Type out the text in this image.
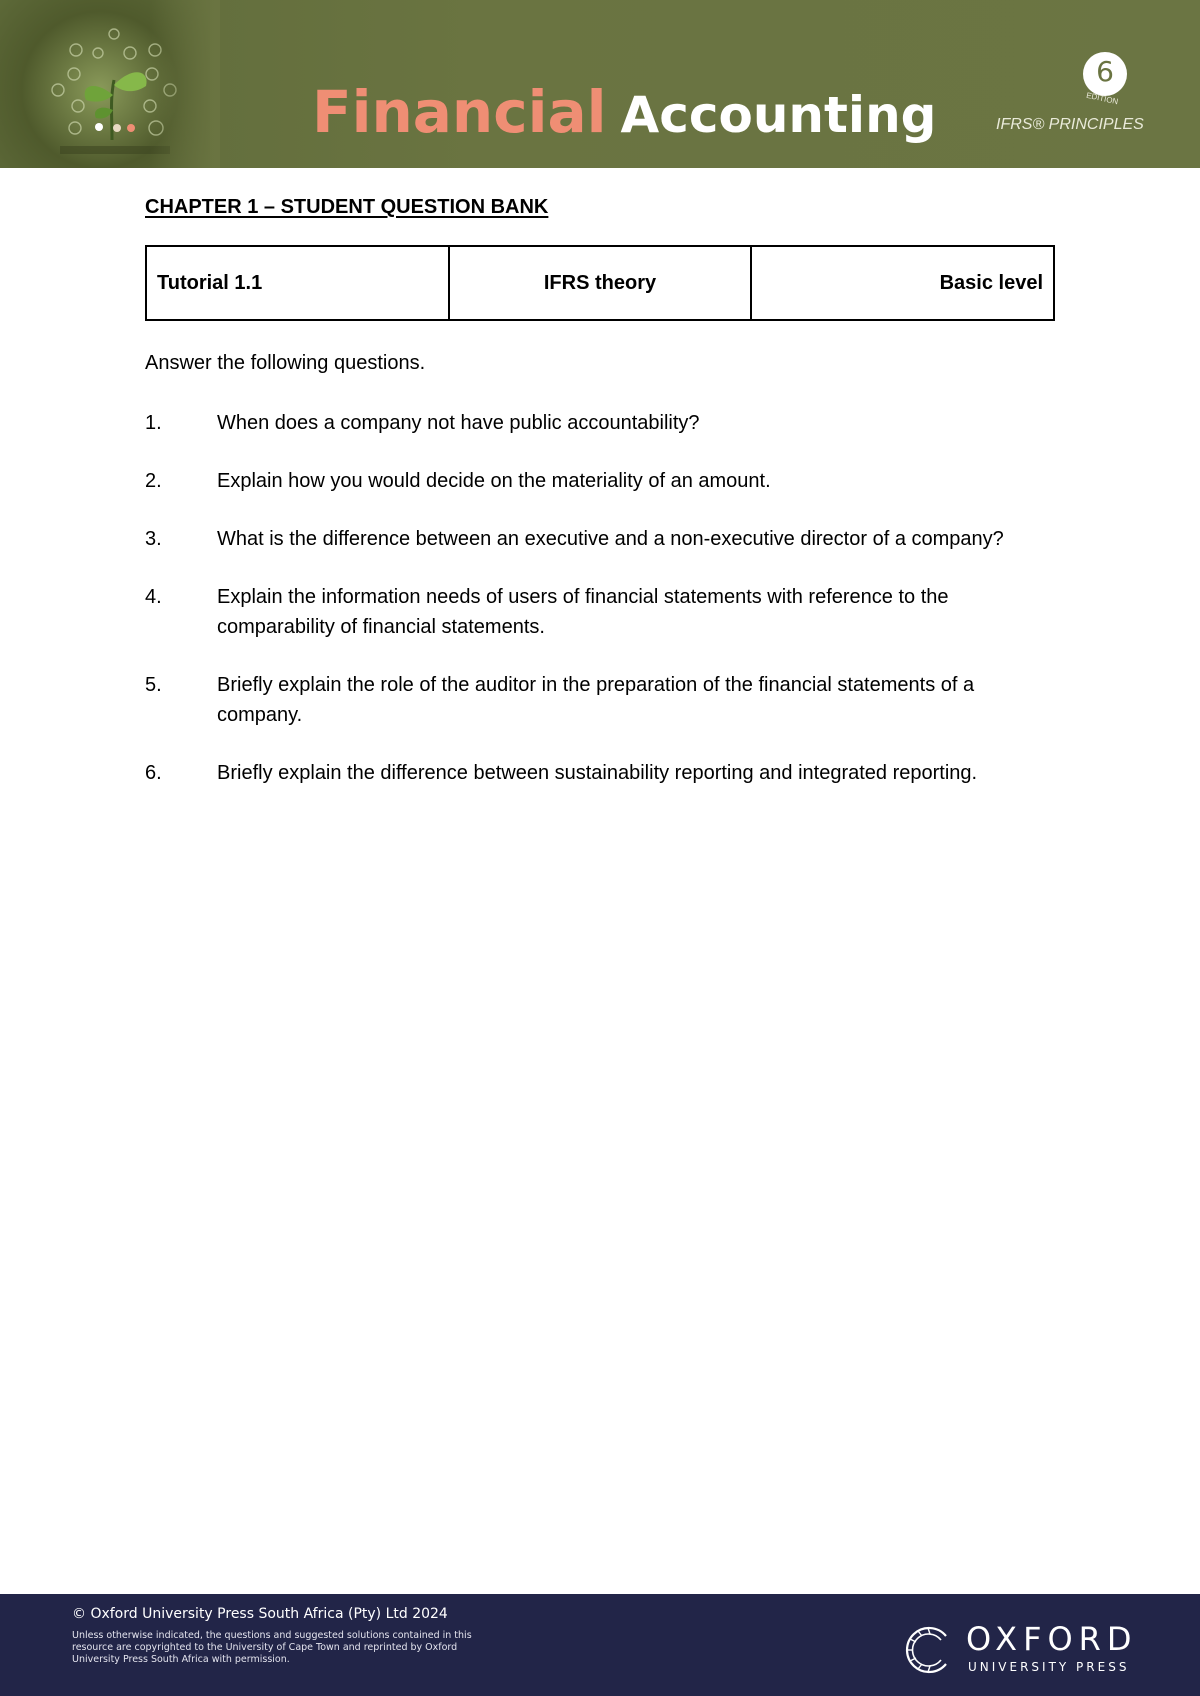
Financial Accounting
6
EDITION
IFRS® PRINCIPLES
CHAPTER 1 – STUDENT QUESTION BANK
Tutorial 1.1	IFRS theory	Basic level
Answer the following questions.
1.	When does a company not have public accountability?
2.	Explain how you would decide on the materiality of an amount.
3.	What is the difference between an executive and a non-executive director of a company?
4.	Explain the information needs of users of financial statements with reference to the comparability of financial statements.
5.	Briefly explain the role of the auditor in the preparation of the financial statements of a company.
6.	Briefly explain the difference between sustainability reporting and integrated reporting.
© Oxford University Press South Africa (Pty) Ltd 2024
Unless otherwise indicated, the questions and suggested solutions contained in this resource are copyrighted to the University of Cape Town and reprinted by Oxford University Press South Africa with permission.
OXFORD
UNIVERSITY PRESS
